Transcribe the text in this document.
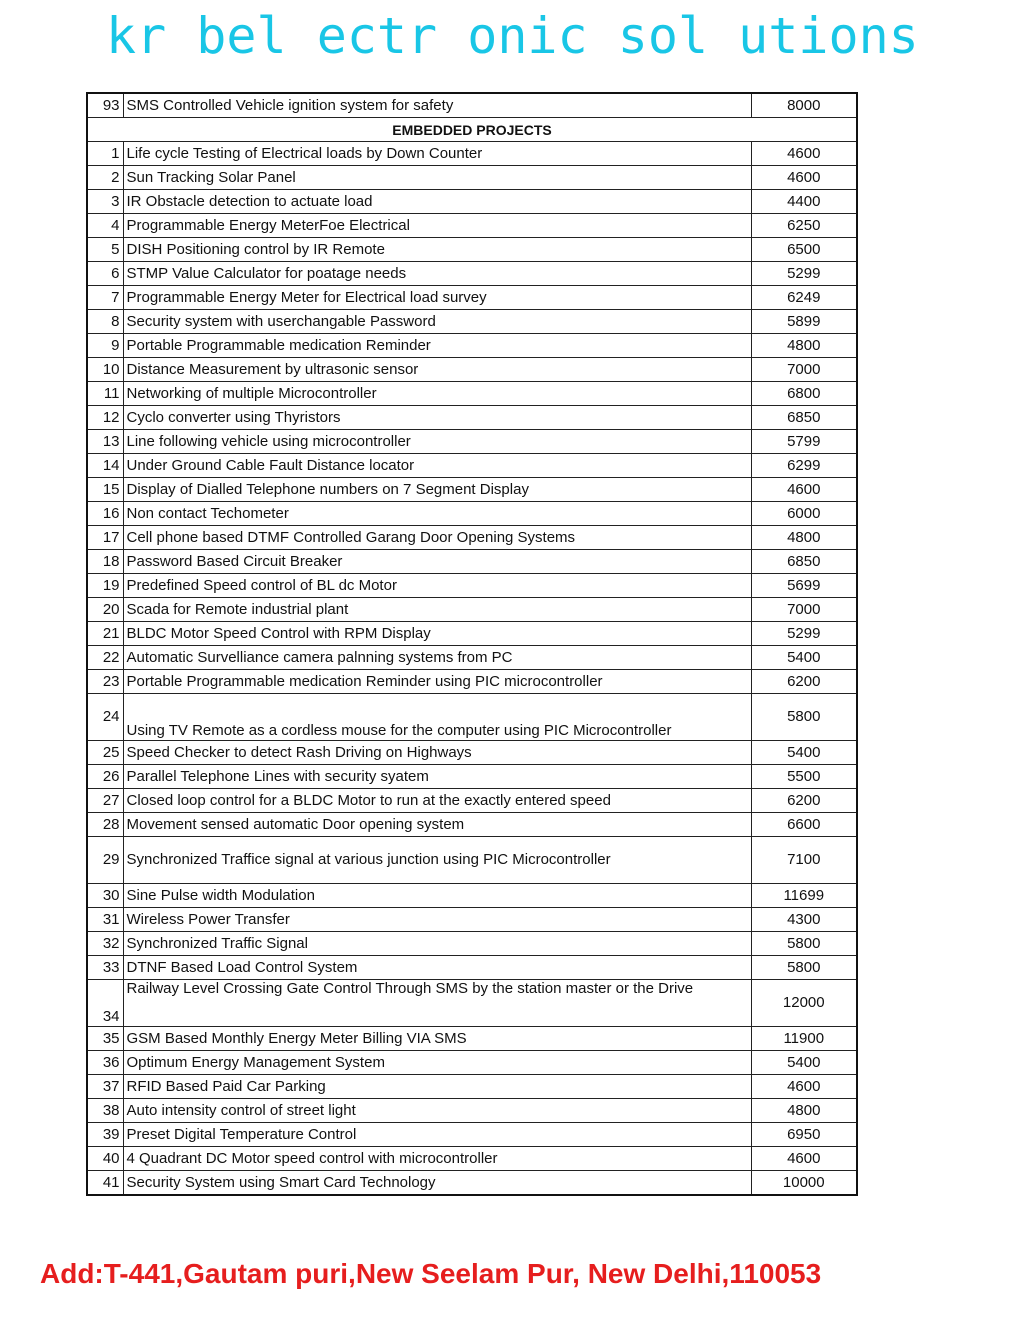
kr bel ectr onic sol utions
93	SMS Controlled Vehicle ignition system for safety	8000
EMBEDDED PROJECTS		
1	Life cycle Testing of Electrical loads by Down Counter	4600
2	Sun Tracking Solar Panel	4600
3	IR Obstacle detection to actuate load	4400
4	Programmable Energy MeterFoe Electrical	6250
5	DISH Positioning control by IR Remote	6500
6	STMP Value Calculator for poatage needs	5299
7	Programmable Energy Meter for Electrical load survey	6249
8	Security system with userchangable Password	5899
9	Portable Programmable medication Reminder	4800
10	Distance Measurement by ultrasonic sensor	7000
11	Networking of multiple Microcontroller	6800
12	Cyclo converter using Thyristors	6850
13	Line following vehicle using microcontroller	5799
14	Under Ground Cable Fault Distance locator	6299
15	Display of Dialled Telephone numbers on 7 Segment Display	4600
16	Non contact Techometer	6000
17	Cell phone based DTMF Controlled Garang Door Opening Systems	4800
18	Password Based Circuit Breaker	6850
19	Predefined Speed control of BL dc Motor	5699
20	Scada for Remote industrial plant	7000
21	BLDC Motor Speed Control with RPM Display	5299
22	Automatic Survelliance camera palnning systems from PC	5400
23	Portable Programmable medication Reminder using PIC microcontroller	6200
24	Using TV Remote as a cordless mouse for the computer using PIC Microcontroller	5800
25	Speed Checker to detect Rash Driving on Highways	5400
26	Parallel Telephone Lines with security syatem	5500
27	Closed loop control for a BLDC Motor to run at the exactly entered speed	6200
28	Movement sensed automatic Door opening system	6600
29	Synchronized Traffice signal at various junction using PIC Microcontroller	7100
30	Sine Pulse width Modulation	11699
31	Wireless Power Transfer	4300
32	Synchronized Traffic Signal	5800
33	DTNF Based Load Control System	5800
34	Railway Level Crossing Gate Control Through SMS by the station master or the Drive	12000
35	GSM Based Monthly Energy Meter Billing VIA SMS	11900
36	Optimum Energy Management System	5400
37	RFID Based Paid Car Parking	4600
38	Auto intensity control of street light	4800
39	Preset Digital Temperature Control	6950
40	4 Quadrant DC Motor speed control with microcontroller	4600
41	Security System using Smart Card Technology	10000
Add:T-441,Gautam puri,New Seelam Pur, New Delhi,110053
